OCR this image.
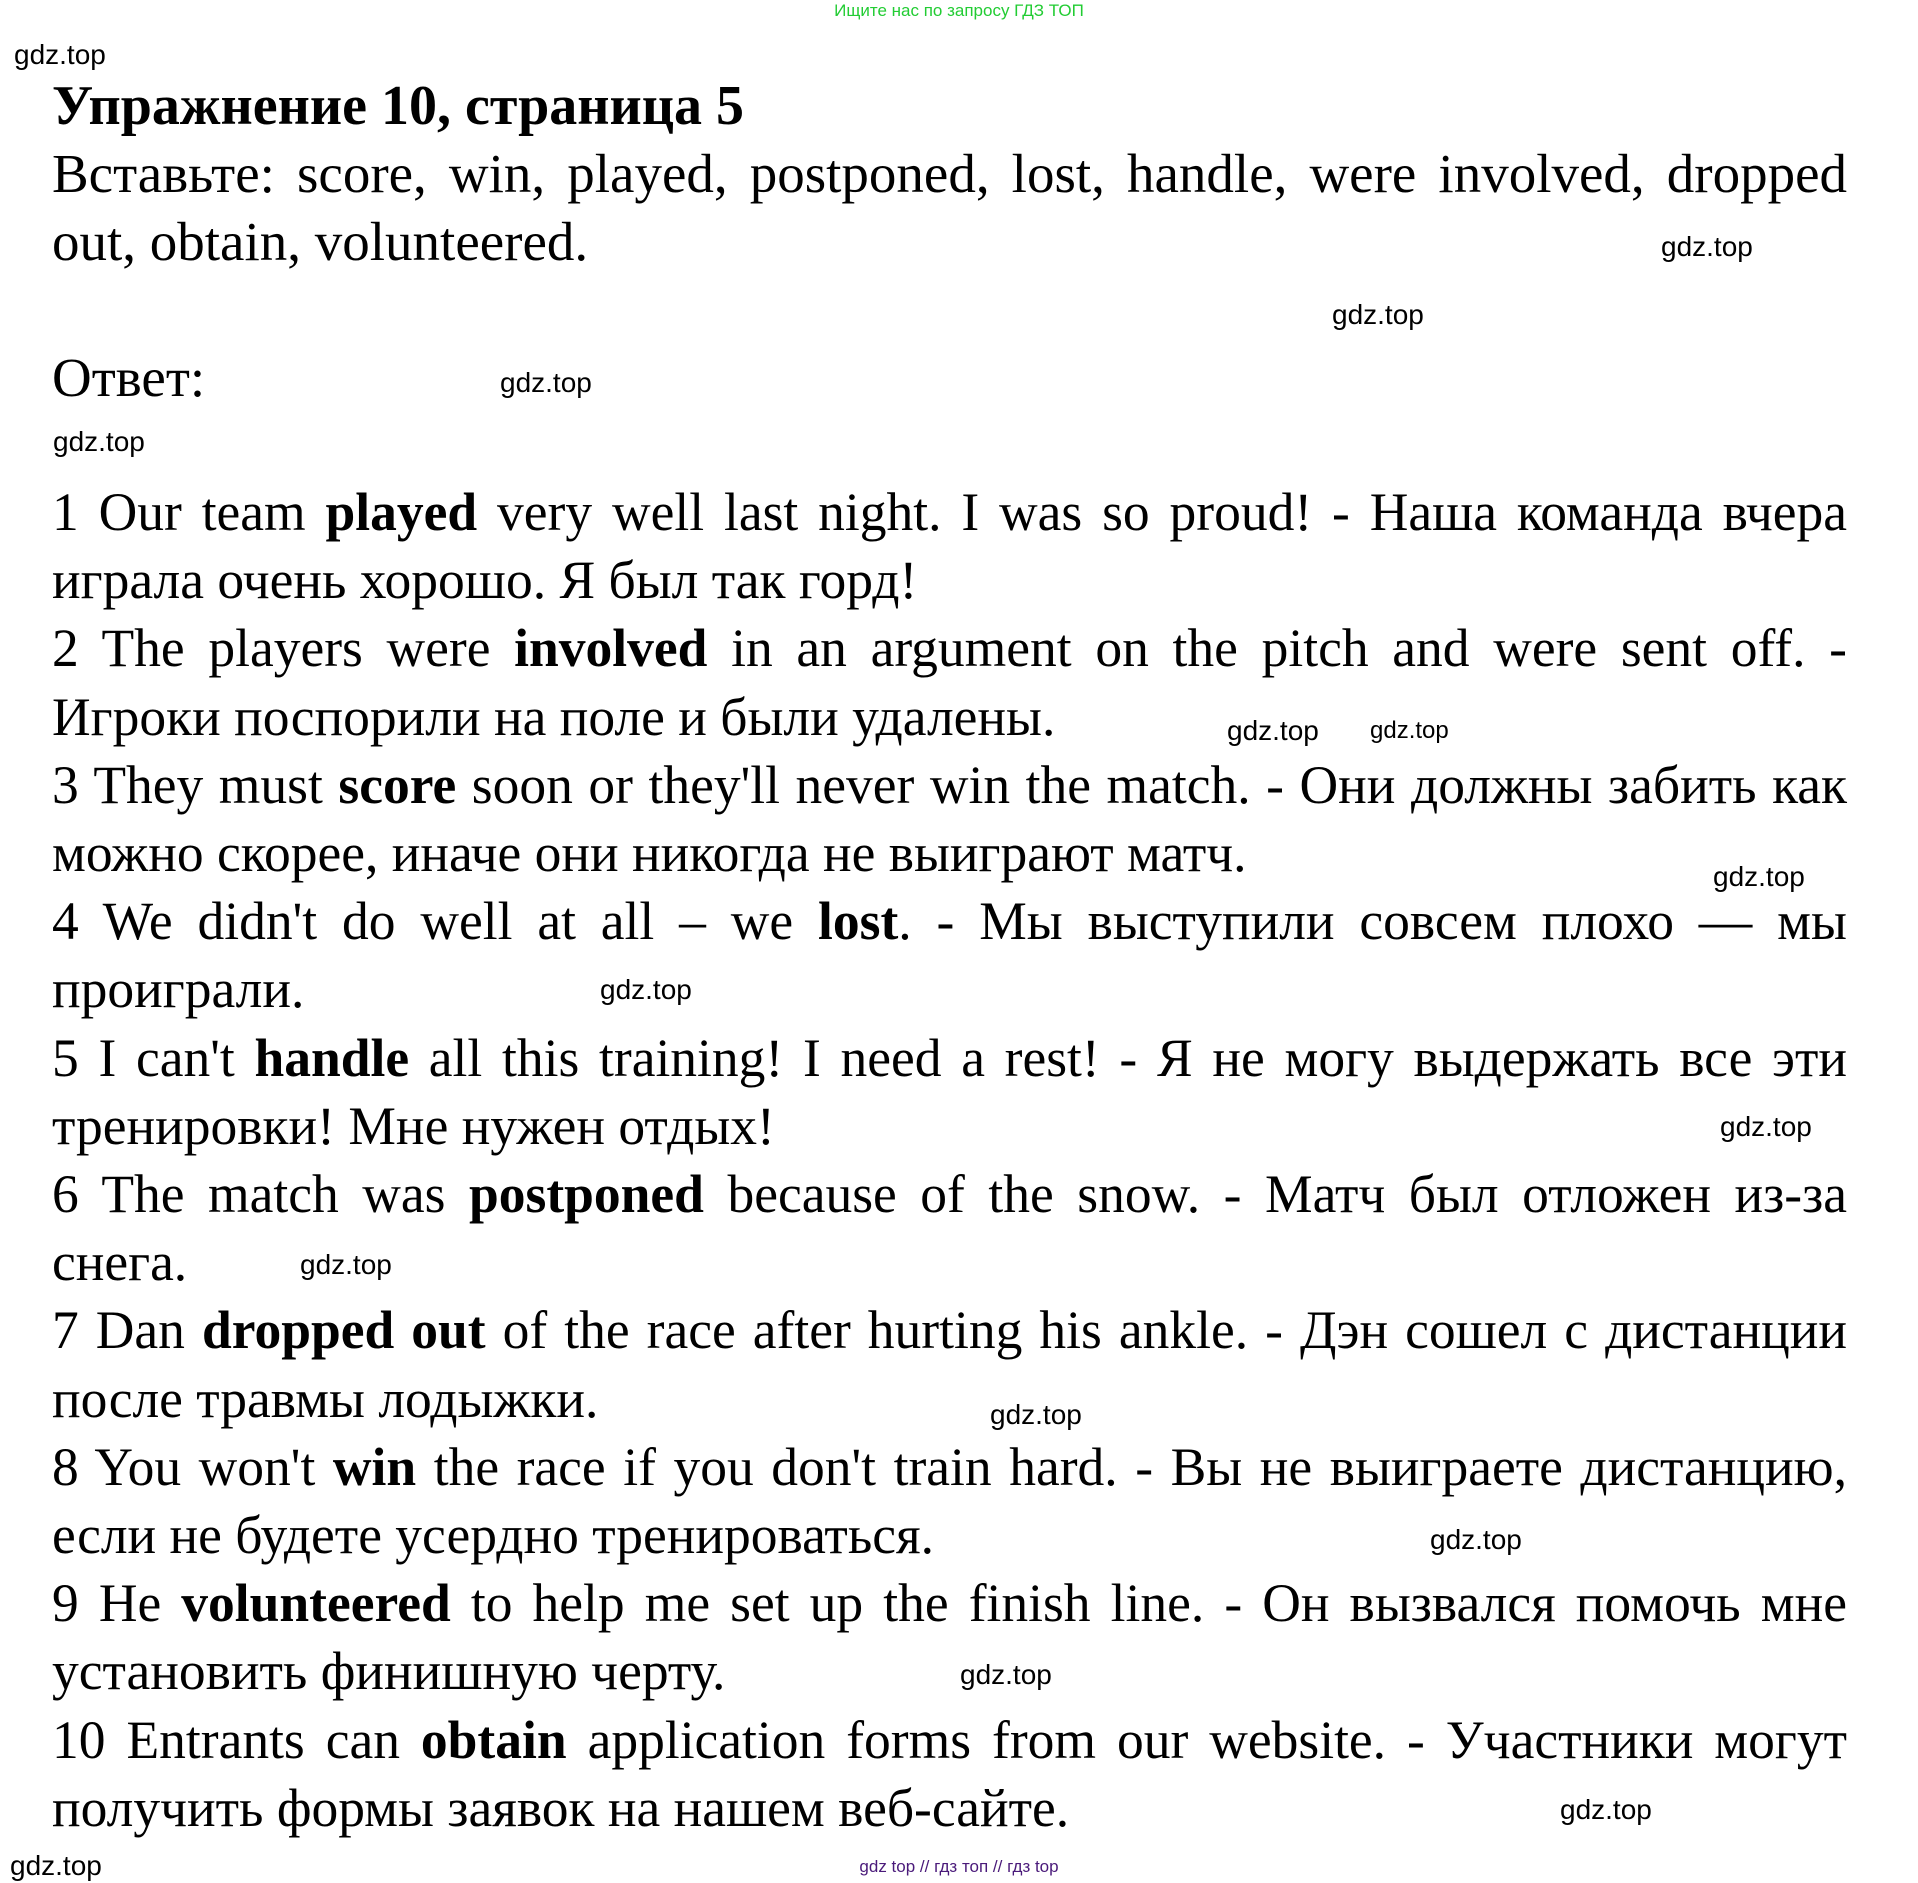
Ищите нас по запросу ГДЗ ТОП
Упражнение 10, страница 5
Вставьте: score, win, played, postponed, lost, handle, were involved, dropped out, obtain, volunteered.
Ответ:
1 Our team played very well last night. I was so proud! - Наша команда вчера играла очень хорошо. Я был так горд!
2 The players were involved in an argument on the pitch and were sent off. - Игроки поспорили на поле и были удалены.
3 They must score soon or they'll never win the match. - Они должны забить как можно скорее, иначе они никогда не выиграют матч.
4 We didn't do well at all – we lost. - Мы выступили совсем плохо — мы проиграли.
5 I can't handle all this training! I need a rest! - Я не могу выдержать все эти тренировки! Мне нужен отдых!
6 The match was postponed because of the snow. - Матч был отложен из-за снега.
7 Dan dropped out of the race after hurting his ankle. - Дэн сошел с дистанции после травмы лодыжки.
8 You won't win the race if you don't train hard. - Вы не выиграете дистанцию, если не будете усердно тренироваться.
9 He volunteered to help me set up the finish line. - Он вызвался помочь мне установить финишную черту.
10 Entrants can obtain application forms from our website. - Участники могут получить формы заявок на нашем веб-сайте.
gdz.top
gdz.top
gdz.top
gdz.top
gdz.top
gdz.top
gdz.top
gdz.top
gdz.top
gdz.top
gdz.top
gdz.top
gdz.top
gdz.top
gdz.top
gdz.top	gdz top // гдз топ // гдз top
